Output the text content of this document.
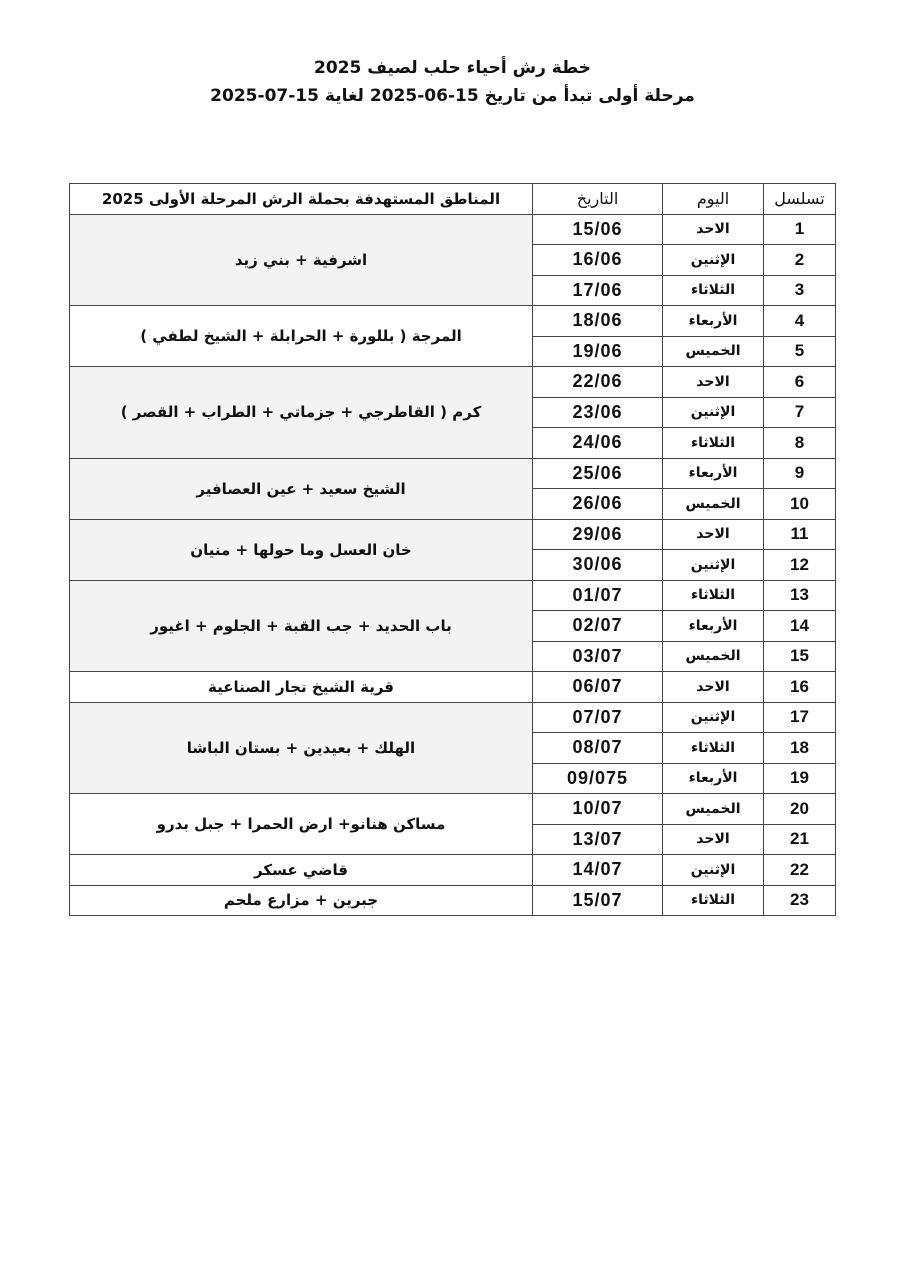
خطة رش أحياء حلب لصيف 2025
مرحلة أولى تبدأ من تاريخ 15-06-2025 لغاية 15-07-2025
تسلسل	اليوم	التاريخ	المناطق المستهدفة بحملة الرش المرحلة الأولى 2025
1	الاحد	15/06	اشرفية + بني زيد
2	الإثنين	16/06	
3	الثلاثاء	17/06	
4	الأربعاء	18/06	المرجة ( بللورة + الحرابلة + الشيخ لطفي )
5	الخميس	19/06	
6	الاحد	22/06	كرم ( القاطرجي + جزماتي + الطراب + القصر )
7	الإثنين	23/06	
8	الثلاثاء	24/06	
9	الأربعاء	25/06	الشيخ سعيد + عين العصافير
10	الخميس	26/06	
11	الاحد	29/06	خان العسل وما حولها + منيان
12	الإثنين	30/06	
13	الثلاثاء	01/07	باب الحديد + جب القبة + الجلوم + اغيور
14	الأربعاء	02/07	
15	الخميس	03/07	
16	الاحد	06/07	قرية الشيخ نجار الصناعية
17	الإثنين	07/07	الهلك + بعيدين + بستان الباشا
18	الثلاثاء	08/07	
19	الأربعاء	09/075	
20	الخميس	10/07	مساكن هنانو+ ارض الحمرا + جبل بدرو
21	الاحد	13/07	
22	الإثنين	14/07	قاضي عسكر
23	الثلاثاء	15/07	جبرين + مزارع ملحم
